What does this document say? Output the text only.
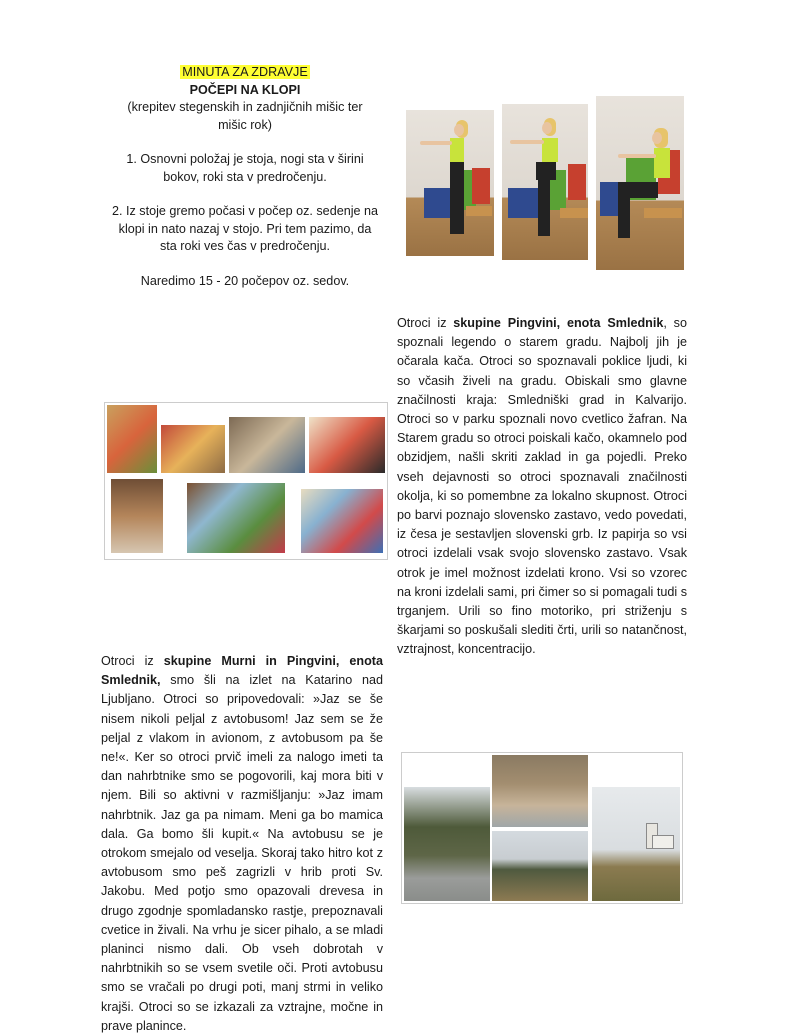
MINUTA ZA ZDRAVJE

POČEPI NA KLOPI

(krepitev stegenskih in zadnjičnih mišic ter

mišic rok)

1. Osnovni položaj je stoja, nogi sta v širini

bokov, roki sta v predročenju.

2. Iz stoje gremo počasi v počep oz. sedenje na

klopi in nato nazaj v stojo. Pri tem pazimo, da

sta roki ves čas v predročenju.

Naredimo 15 - 20 počepov oz. sedov.

Otroci iz skupine Pingvini, enota Smlednik, so spoznali legendo o starem gradu. Najbolj jih je očarala kača. Otroci so spoznavali poklice ljudi, ki so včasih živeli na gradu. Obiskali smo glavne značilnosti kraja: Smledniški grad in Kalvarijo. Otroci so v parku spoznali novo cvetlico žafran. Na Starem gradu so otroci poiskali kačo, okamnelo pod obzidjem, našli skriti zaklad in ga pojedli. Preko vseh dejavnosti so otroci spoznavali značilnosti okolja, ki so pomembne za lokalno skupnost. Otroci po barvi poznajo slovensko zastavo, vedo povedati, iz česa je sestavljen slovenski grb. Iz papirja so vsi otroci izdelali vsak svojo slovensko zastavo. Vsak otrok je imel možnost izdelati krono. Vsi so vzorec na kroni izdelali sami, pri čimer so si pomagali tudi s trganjem. Urili so fino motoriko, pri striženju s škarjami so poskušali slediti črti, urili so natančnost, vztrajnost, koncentracijo.

Otroci iz skupine Murni in Pingvini, enota Smlednik, smo šli na izlet na Katarino nad Ljubljano. Otroci so pripovedovali: »Jaz se še nisem nikoli peljal z avtobusom! Jaz sem se že peljal z vlakom in avionom, z avtobusom pa še ne!«. Ker so otroci prvič imeli za nalogo imeti ta dan nahrbtnike smo se pogovorili, kaj mora biti v njem. Bili so aktivni v razmišljanju: »Jaz imam nahrbtnik. Jaz ga pa nimam. Meni ga bo mamica dala. Ga bomo šli kupit.« Na avtobusu se je otrokom smejalo od veselja. Skoraj tako hitro kot z avtobusom smo peš zagrizli v hrib proti Sv. Jakobu. Med potjo smo opazovali drevesa in drugo zgodnje spomladansko rastje, prepoznavali cvetice in živali. Na vrhu je sicer pihalo, a se mladi planinci nismo dali. Ob vseh dobrotah v nahrbtnikih so se vsem svetile oči. Proti avtobusu smo se vračali po drugi poti, manj strmi in veliko krajši. Otroci so se izkazali za vztrajne, močne in prave planince.
